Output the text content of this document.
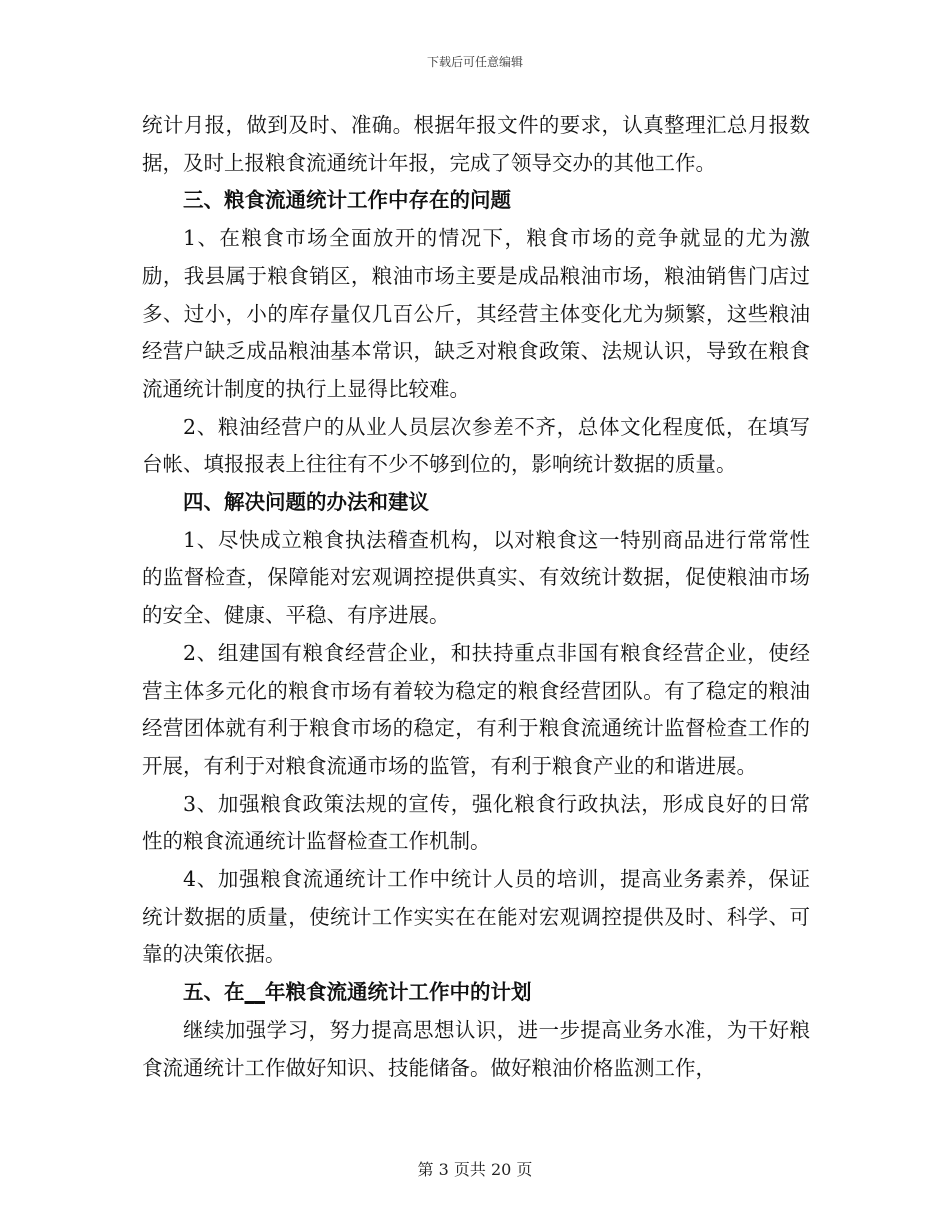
下载后可任意编辑

统计月报，做到及时、准确。根据年报文件的要求，认真整理汇总月报数据，及时上报粮食流通统计年报，完成了领导交办的其他工作。

三、粮食流通统计工作中存在的问题

1、在粮食市场全面放开的情况下，粮食市场的竞争就显的尤为激励，我县属于粮食销区，粮油市场主要是成品粮油市场，粮油销售门店过多、过小，小的库存量仅几百公斤，其经营主体变化尤为频繁，这些粮油经营户缺乏成品粮油基本常识，缺乏对粮食政策、法规认识，导致在粮食流通统计制度的执行上显得比较难。

2、粮油经营户的从业人员层次参差不齐，总体文化程度低，在填写台帐、填报报表上往往有不少不够到位的，影响统计数据的质量。

四、解决问题的办法和建议

1、尽快成立粮食执法稽查机构，以对粮食这一特别商品进行常常性的监督检查，保障能对宏观调控提供真实、有效统计数据，促使粮油市场的安全、健康、平稳、有序进展。

2、组建国有粮食经营企业，和扶持重点非国有粮食经营企业，使经营主体多元化的粮食市场有着较为稳定的粮食经营团队。有了稳定的粮油经营团体就有利于粮食市场的稳定，有利于粮食流通统计监督检查工作的开展，有利于对粮食流通市场的监管，有利于粮食产业的和谐进展。

3、加强粮食政策法规的宣传，强化粮食行政执法，形成良好的日常性的粮食流通统计监督检查工作机制。

4、加强粮食流通统计工作中统计人员的培训，提高业务素养，保证统计数据的质量，使统计工作实实在在能对宏观调控提供及时、科学、可靠的决策依据。

五、在__年粮食流通统计工作中的计划

继续加强学习，努力提高思想认识，进一步提高业务水准，为干好粮食流通统计工作做好知识、技能储备。做好粮油价格监测工作，

第 3 页共 20 页
